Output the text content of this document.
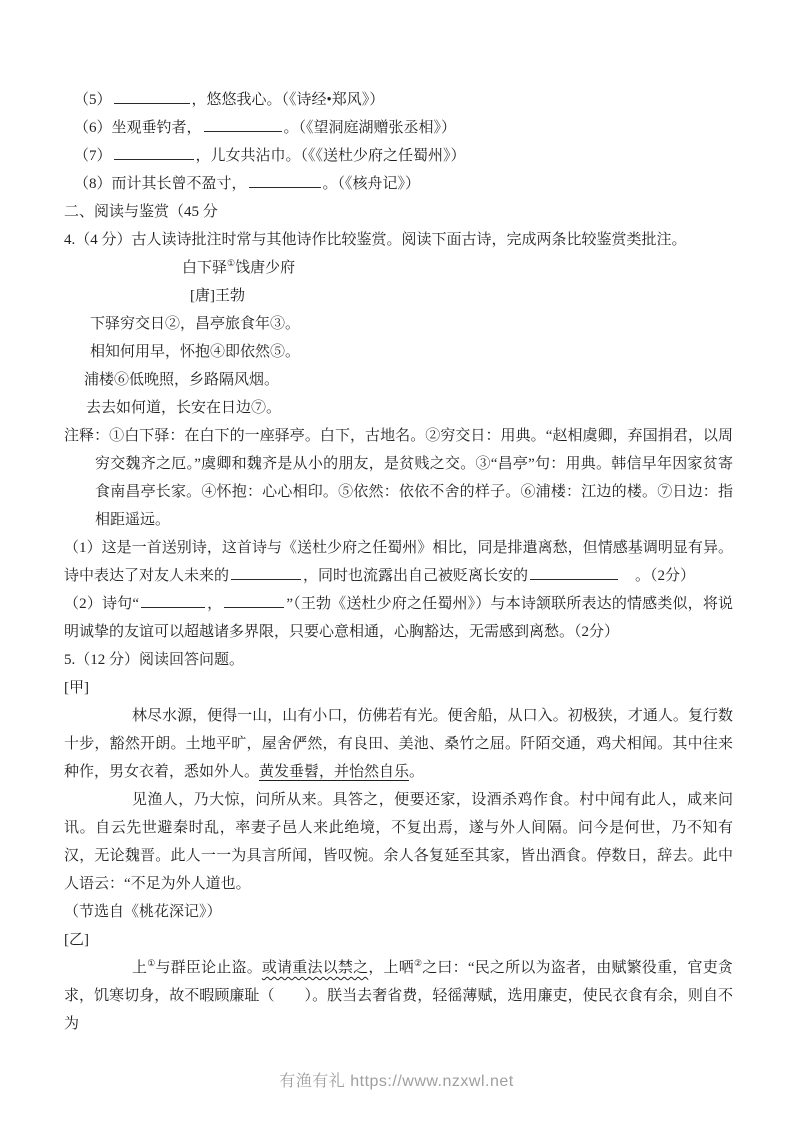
（5）	，悠悠我心。（《诗经•郑风》）

（6）坐观垂钓者，	。（《望洞庭湖赠张丞相》）

（7）	，儿女共沾巾。（《《送杜少府之任蜀州》）

（8）而计其长曾不盈寸，	。（《核舟记》）

二、阅读与鉴赏（45 分

4.（4 分）古人读诗批注时常与其他诗作比较鉴赏。阅读下面古诗，完成两条比较鉴赏类批注。

白下驿①饯唐少府

[唐]王勃

下驿穷交日②，昌亭旅食年③。

相知何用早，怀抱④即依然⑤。

浦楼⑥低晚照，乡路隔风烟。

去去如何道，长安在日边⑦。

注释：①白下驿：在白下的一座驿亭。白下，古地名。②穷交日：用典。“赵相虞卿，弃国捐君，以周穷交魏齐之厄。”虞卿和魏齐是从小的朋友，是贫贱之交。③“昌亭”句：用典。韩信早年因家贫寄食南昌亭长家。④怀抱：心心相印。⑤依然：依依不舍的样子。⑥浦楼：江边的楼。⑦日边：指相距遥远。

（1）这是一首送别诗，这首诗与《送杜少府之任蜀州》相比，同是排遣离愁，但情感基调明显有异。诗中表达了对友人未来的	，同时也流露出自己被贬离长安的	　。（2分）

（2）诗句“	，	”（王勃《送杜少府之任蜀州》）与本诗颔联所表达的情感类似，将说明诚挚的友谊可以超越诸多界限，只要心意相通，心胸豁达，无需感到离愁。（2分）

5.（12 分）阅读回答问题。

[甲]

林尽水源，便得一山，山有小口，仿佛若有光。便舍船，从口入。初极狭，才通人。复行数十步，豁然开朗。土地平旷，屋舍俨然，有良田、美池、桑竹之屈。阡陌交通，鸡犬相闻。其中往来种作，男女衣着，悉如外人。黄发垂髫，并怡然自乐。

见渔人，乃大惊，问所从来。具答之，便要还家，设酒杀鸡作食。村中闻有此人，咸来问讯。自云先世避秦时乱，率妻子邑人来此绝境，不复出焉，遂与外人间隔。问今是何世，乃不知有汉，无论魏晋。此人一一为具言所闻，皆叹惋。余人各复延至其家，皆出酒食。停数日，辞去。此中人语云：“不足为外人道也。

（节选自《桃花深记》）

[乙]

上①与群臣论止盗。或请重法以禁之，上哂②之曰：“民之所以为盗者，由赋繁役重，官吏贪求，饥寒切身，故不暇顾廉耻（　　）。朕当去奢省费，轻徭薄赋，选用廉吏，使民衣食有余，则自不为

有渔有礼 https://www.nzxwl.net
